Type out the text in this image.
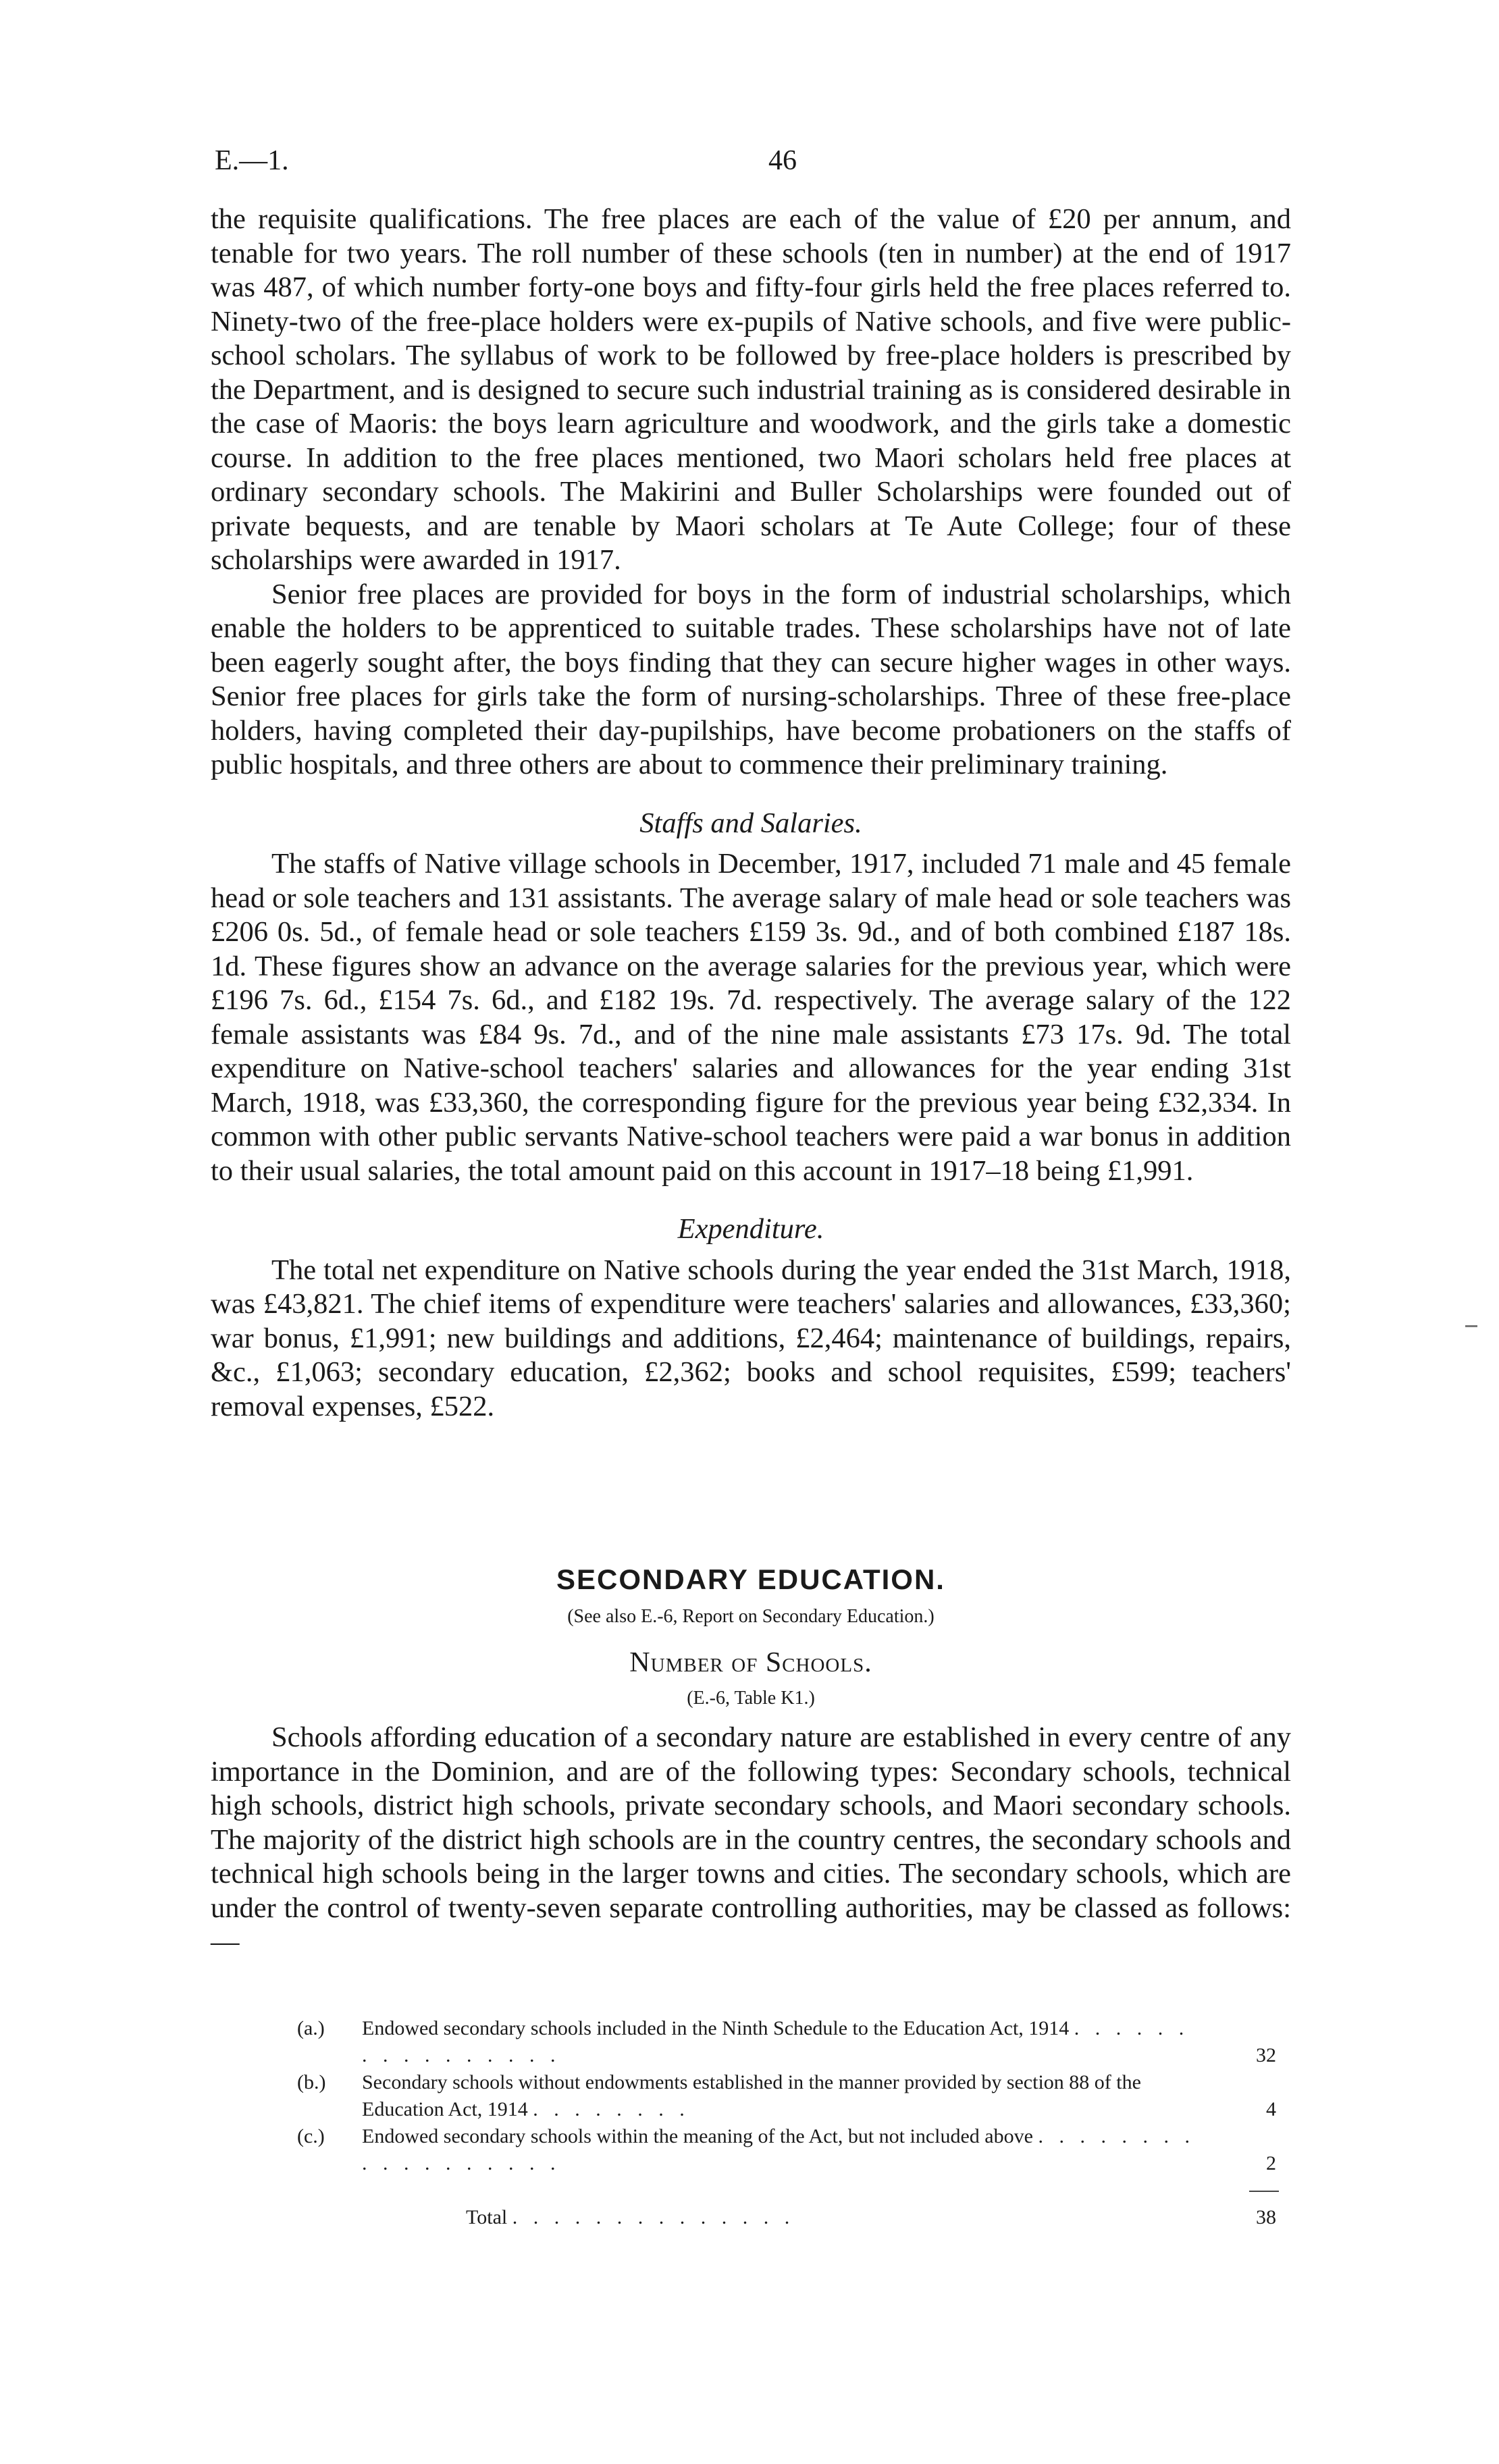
E.—1.	46

the requisite qualifications. The free places are each of the value of £20 per annum, and tenable for two years. The roll number of these schools (ten in number) at the end of 1917 was 487, of which number forty-one boys and fifty-four girls held the free places referred to. Ninety-two of the free-place holders were ex-pupils of Native schools, and five were public-school scholars. The syllabus of work to be followed by free-place holders is prescribed by the Department, and is designed to secure such industrial training as is considered desirable in the case of Maoris: the boys learn agriculture and woodwork, and the girls take a domestic course. In addition to the free places mentioned, two Maori scholars held free places at ordinary secondary schools. The Makirini and Buller Scholarships were founded out of private bequests, and are tenable by Maori scholars at Te Aute College; four of these scholarships were awarded in 1917.

Senior free places are provided for boys in the form of industrial scholarships, which enable the holders to be apprenticed to suitable trades. These scholarships have not of late been eagerly sought after, the boys finding that they can secure higher wages in other ways. Senior free places for girls take the form of nursing-scholarships. Three of these free-place holders, having completed their day-pupilships, have become probationers on the staffs of public hospitals, and three others are about to commence their preliminary training.

Staffs and Salaries.

The staffs of Native village schools in December, 1917, included 71 male and 45 female head or sole teachers and 131 assistants. The average salary of male head or sole teachers was £206 0s. 5d., of female head or sole teachers £159 3s. 9d., and of both combined £187 18s. 1d. These figures show an advance on the average salaries for the previous year, which were £196 7s. 6d., £154 7s. 6d., and £182 19s. 7d. respectively. The average salary of the 122 female assistants was £84 9s. 7d., and of the nine male assistants £73 17s. 9d. The total expenditure on Native-school teachers' salaries and allowances for the year ending 31st March, 1918, was £33,360, the corresponding figure for the previous year being £32,334. In common with other public servants Native-school teachers were paid a war bonus in addition to their usual salaries, the total amount paid on this account in 1917–18 being £1,991.

Expenditure.

The total net expenditure on Native schools during the year ended the 31st March, 1918, was £43,821. The chief items of expenditure were teachers' salaries and allowances, £33,360; war bonus, £1,991; new buildings and additions, £2,464; maintenance of buildings, repairs, &c., £1,063; secondary education, £2,362; books and school requisites, £599; teachers' removal expenses, £522.

SECONDARY EDUCATION.

(See also E.-6, Report on Secondary Education.)

Number of Schools.

(E.-6, Table K1.)

Schools affording education of a secondary nature are established in every centre of any importance in the Dominion, and are of the following types: Secondary schools, technical high schools, district high schools, private secondary schools, and Maori secondary schools. The majority of the district high schools are in the country centres, the secondary schools and technical high schools being in the larger towns and cities. The secondary schools, which are under the control of twenty-seven separate controlling authorities, may be classed as follows:—

(a.) Endowed secondary schools included in the Ninth Schedule to the Education Act, 1914 . . . . . . . . . . . . . . . .	32
(b.) Secondary schools without endowments established in the manner provided by section 88 of the Education Act, 1914 . . . . . . . .	4
(c.) Endowed secondary schools within the meaning of the Act, but not included above . . . . . . . . . . . . . . . . . .	2
Total . . . . . . . . . . . . . .	38
